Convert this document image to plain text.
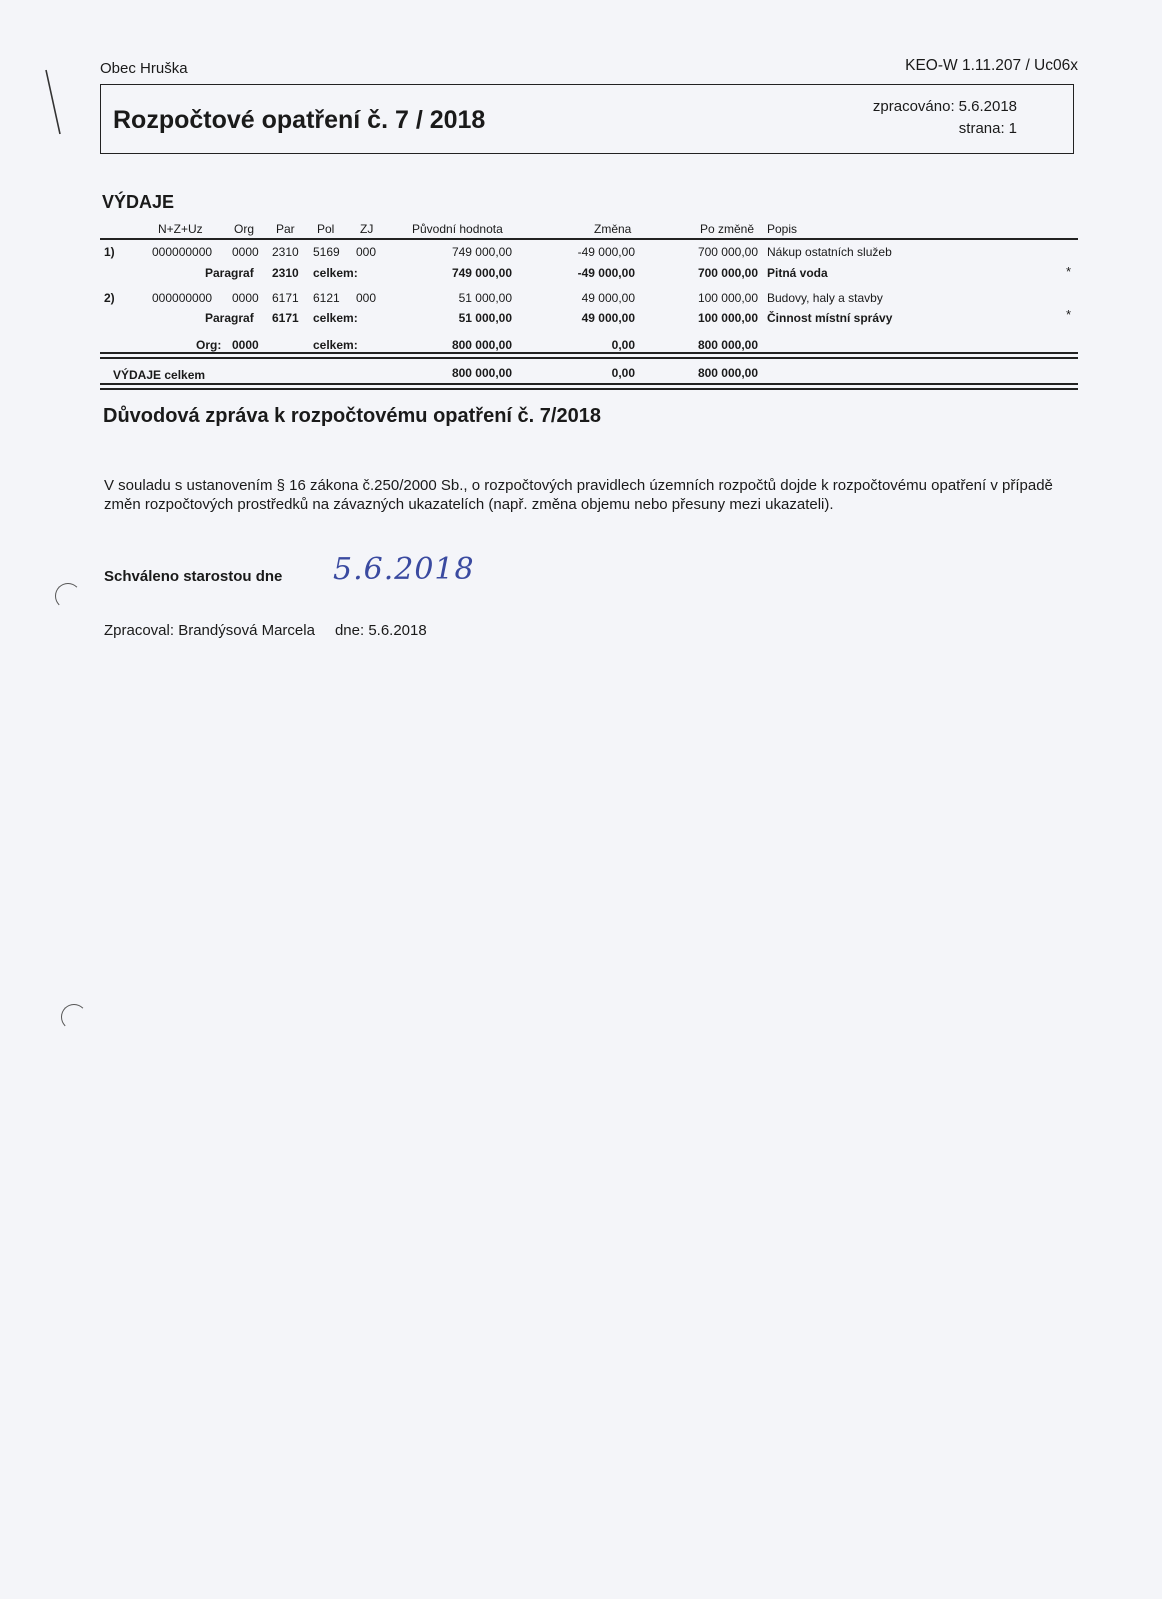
Obec Hruška	KEO-W 1.11.207 / Uc06x
Rozpočtové opatření č. 7 / 2018	zpracováno: 5.6.2018
strana: 1
VÝDAJE
N+Z+Uz	Org Par Pol ZJ	Původní hodnota	Změna	Po změně Popis
1)	000000000 0000 2310 5169 000	749 000,00	-49 000,00	700 000,00 Nákup ostatních služeb
Paragraf 2310 celkem:	749 000,00	-49 000,00	700 000,00 Pitná voda	*
2)	000000000 0000 6171 6121 000	51 000,00	49 000,00	100 000,00 Budovy, haly a stavby
Paragraf 6171 celkem:	51 000,00	49 000,00	100 000,00 Činnost místní správy	*
Org: 0000	celkem:	800 000,00	0,00	800 000,00
VÝDAJE celkem	800 000,00	0,00	800 000,00
Důvodová zpráva k rozpočtovému opatření č. 7/2018
V souladu s ustanovením § 16 zákona č.250/2000 Sb., o rozpočtových pravidlech územních rozpočtů dojde k rozpočtovému opatření v případě změn rozpočtových prostředků na závazných ukazatelích (např. změna objemu nebo přesuny mezi ukazateli).
Schváleno starostou dne 5.6.2018
Zpracoval: Brandýsová Marcela dne: 5.6.2018
